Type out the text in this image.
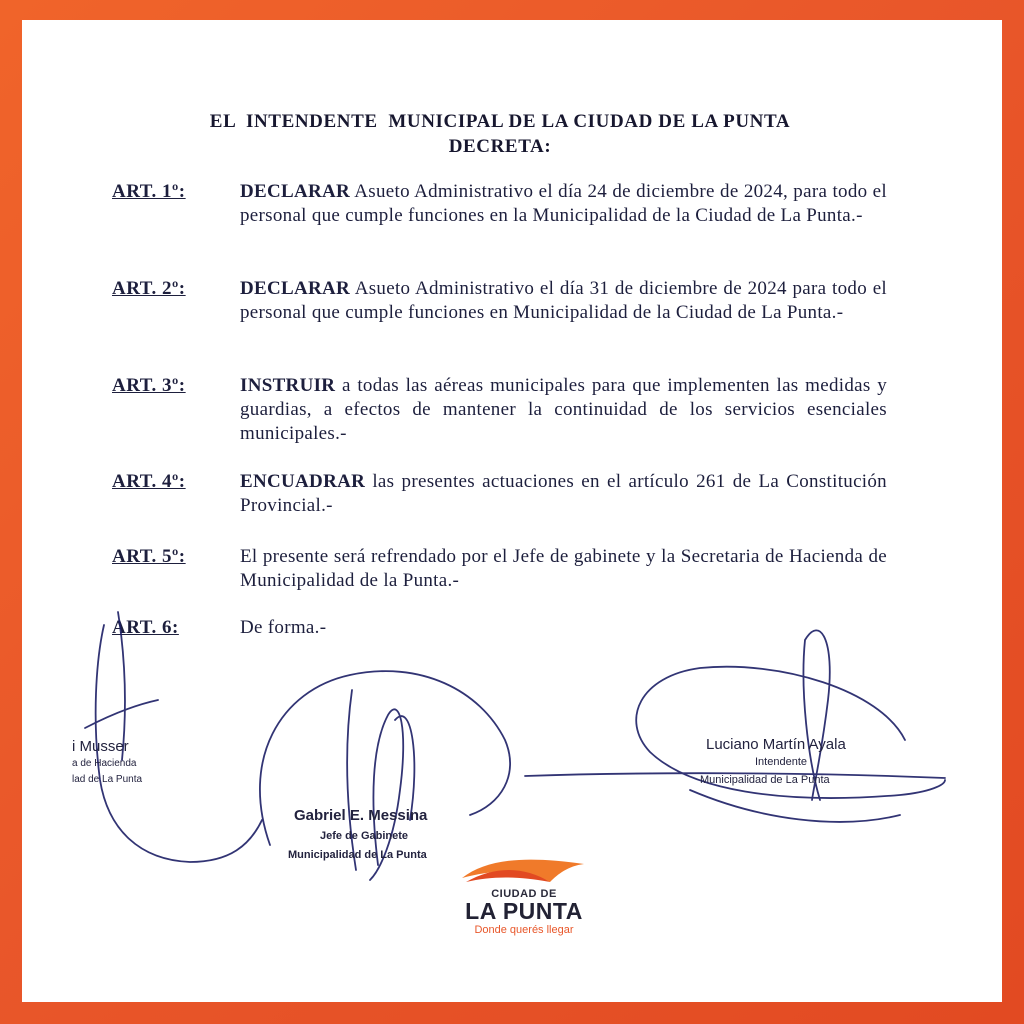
EL  INTENDENTE  MUNICIPAL DE LA CIUDAD DE LA PUNTA
DECRETA:
ART. 1º:	DECLARAR Asueto Administrativo el día 24 de diciembre de 2024, para todo el personal que cumple funciones en la Municipalidad de la Ciudad de La Punta.-
ART. 2º:	DECLARAR Asueto Administrativo el día 31 de diciembre de 2024 para todo el personal que cumple funciones en Municipalidad de la Ciudad de La Punta.-
ART. 3º:	INSTRUIR a todas las aéreas municipales para que implementen las medidas y guardias, a efectos de mantener la continuidad de los servicios esenciales municipales.-
ART. 4º:	ENCUADRAR las presentes actuaciones en el artículo 261 de La Constitución Provincial.-
ART. 5º:	El presente será refrendado por el Jefe de gabinete y la Secretaria de Hacienda de Municipalidad de la Punta.-
ART. 6:	De forma.-
i Musser
a de Hacienda
lad de La Punta
Gabriel E. Messina
Jefe de Gabinete
Municipalidad de La Punta
Luciano Martín Ayala
Intendente
Municipalidad de La Punta
CIUDAD DE
LA PUNTA
Donde querés llegar
